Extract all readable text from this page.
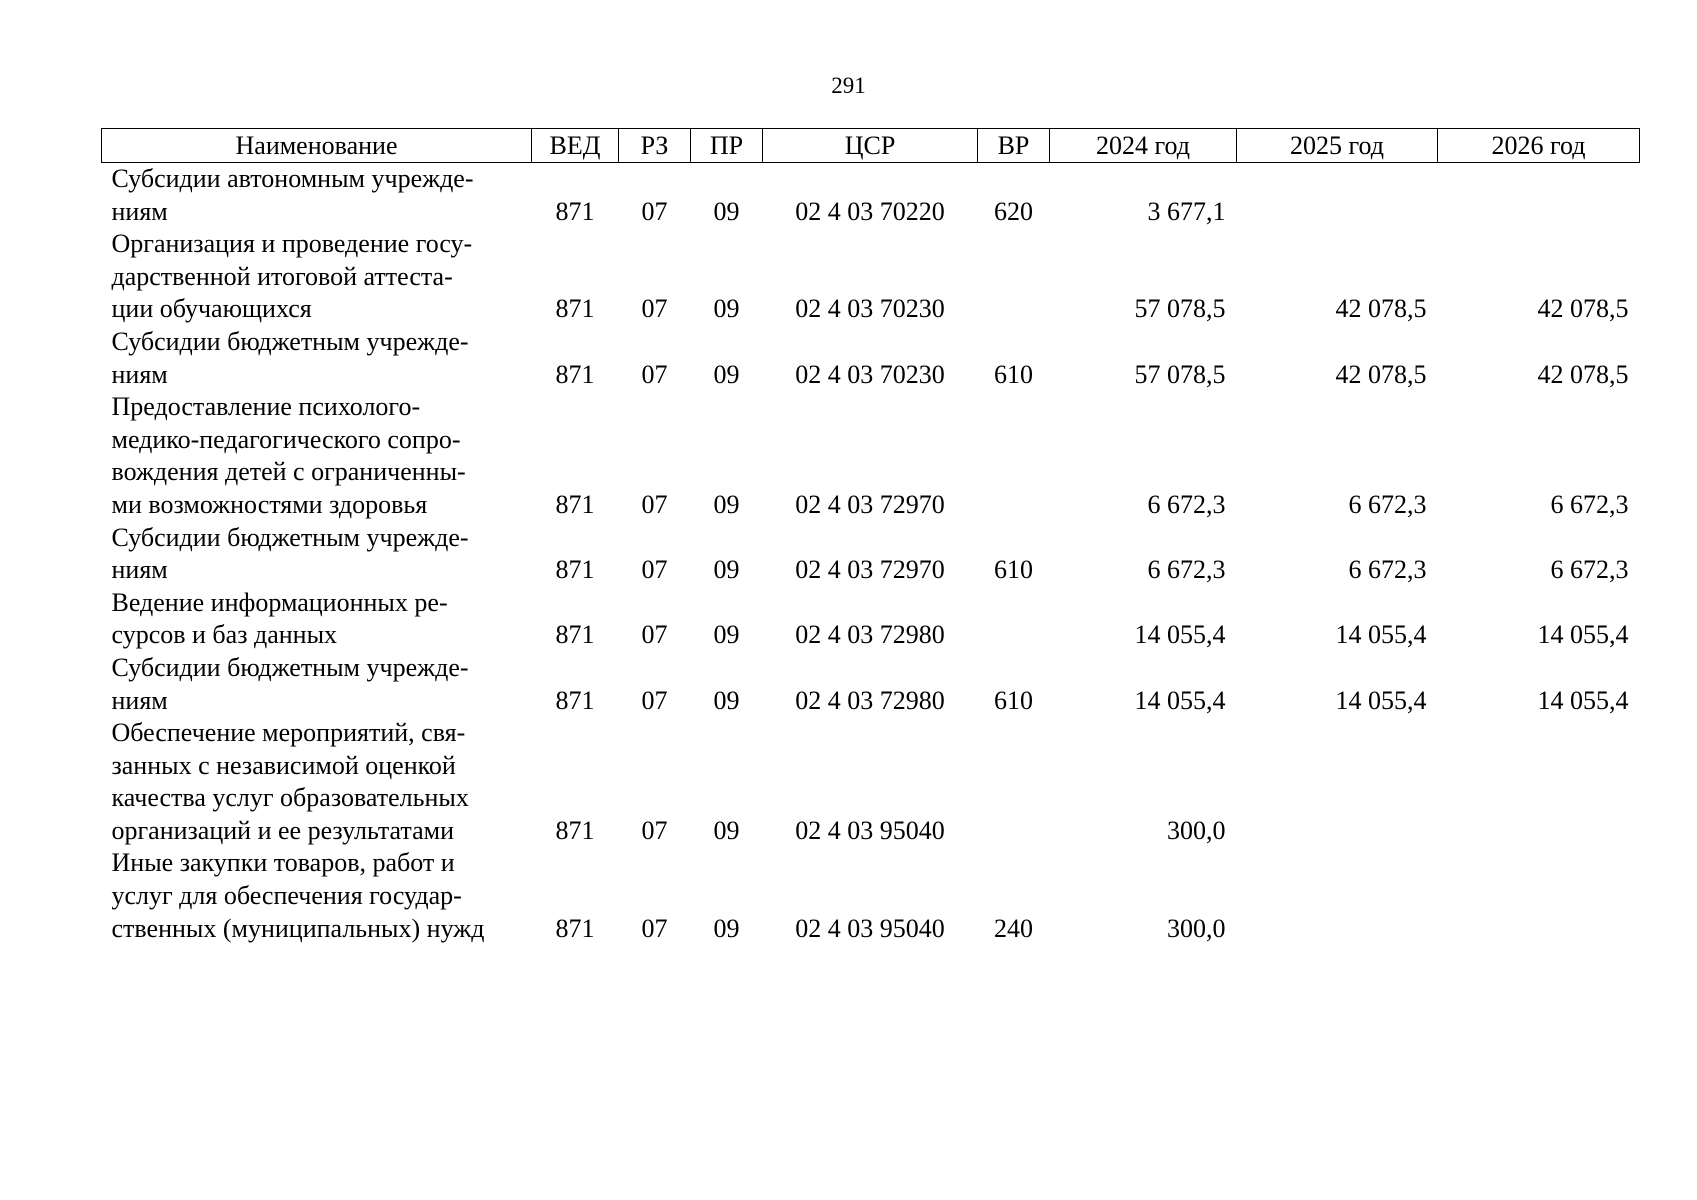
291
Наименование	ВЕД	РЗ	ПР	ЦСР	ВР	2024 год	2025 год	2026 год

Субсидии автономным учрежде-
ниям	871	07	09	02 4 03 70220	620	3 677,1		

Организация и проведение госу-
дарственной итоговой аттеста-
ции обучающихся	871	07	09	02 4 03 70230		57 078,5	42 078,5	42 078,5

Субсидии бюджетным учрежде-
ниям	871	07	09	02 4 03 70230	610	57 078,5	42 078,5	42 078,5

Предоставление психолого-
медико-педагогического сопро-
вождения детей с ограниченны-
ми возможностями здоровья	871	07	09	02 4 03 72970		6 672,3	6 672,3	6 672,3

Субсидии бюджетным учрежде-
ниям	871	07	09	02 4 03 72970	610	6 672,3	6 672,3	6 672,3

Ведение информационных ре-
сурсов и баз данных	871	07	09	02 4 03 72980		14 055,4	14 055,4	14 055,4

Субсидии бюджетным учрежде-
ниям	871	07	09	02 4 03 72980	610	14 055,4	14 055,4	14 055,4

Обеспечение мероприятий, свя-
занных с независимой оценкой
качества услуг образовательных
организаций и ее результатами	871	07	09	02 4 03 95040		300,0		

Иные закупки товаров, работ и
услуг для обеспечения государ-
ственных (муниципальных) нужд	871	07	09	02 4 03 95040	240	300,0		
